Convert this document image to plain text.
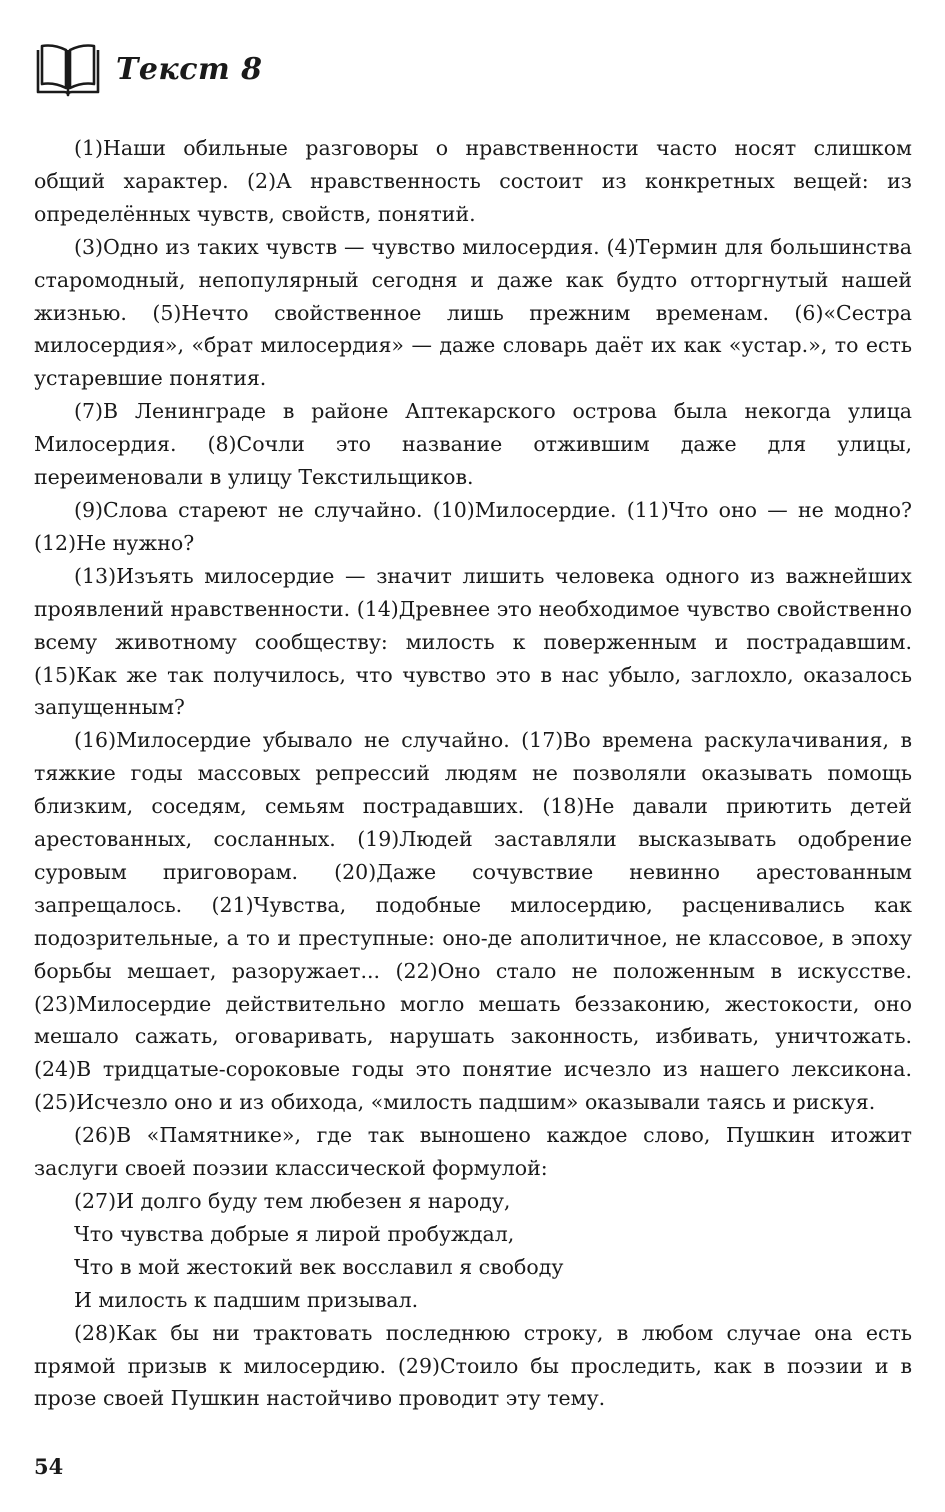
Текст 8

(1)Наши обильные разговоры о нравственности часто носят слишком общий характер. (2)А нравственность состоит из конкретных вещей: из определённых чувств, свойств, понятий.

(3)Одно из таких чувств — чувство милосердия. (4)Термин для большинства старомодный, непопулярный сегодня и даже как будто отторгнутый нашей жизнью. (5)Нечто свойственное лишь прежним временам. (6)«Сестра милосердия», «брат милосердия» — даже словарь даёт их как «устар.», то есть устаревшие понятия.

(7)В Ленинграде в районе Аптекарского острова была некогда улица Милосердия. (8)Сочли это название отжившим даже для улицы, переименовали в улицу Текстильщиков.

(9)Слова стареют не случайно. (10)Милосердие. (11)Что оно — не модно? (12)Не нужно?

(13)Изъять милосердие — значит лишить человека одного из важнейших проявлений нравственности. (14)Древнее это необходимое чувство свойственно всему животному сообществу: милость к поверженным и пострадавшим. (15)Как же так получилось, что чувство это в нас убыло, заглохло, оказалось запущенным?

(16)Милосердие убывало не случайно. (17)Во времена раскулачивания, в тяжкие годы массовых репрессий людям не позволяли оказывать помощь близким, соседям, семьям пострадавших. (18)Не давали приютить детей арестованных, сосланных. (19)Людей заставляли высказывать одобрение суровым приговорам. (20)Даже сочувствие невинно арестованным запрещалось. (21)Чувства, подобные милосердию, расценивались как подозрительные, а то и преступные: оно-де аполитичное, не классовое, в эпоху борьбы мешает, разоружает... (22)Оно стало не положенным в искусстве. (23)Милосердие действительно могло мешать беззаконию, жестокости, оно мешало сажать, оговаривать, нарушать законность, избивать, уничтожать. (24)В тридцатые-сороковые годы это понятие исчезло из нашего лексикона. (25)Исчезло оно и из обихода, «милость падшим» оказывали таясь и рискуя.

(26)В «Памятнике», где так выношено каждое слово, Пушкин итожит заслуги своей поэзии классической формулой:

(27)И долго буду тем любезен я народу,

Что чувства добрые я лирой пробуждал,

Что в мой жестокий век восславил я свободу

И милость к падшим призывал.

(28)Как бы ни трактовать последнюю строку, в любом случае она есть прямой призыв к милосердию. (29)Стоило бы проследить, как в поэзии и в прозе своей Пушкин настойчиво проводит эту тему.

54
